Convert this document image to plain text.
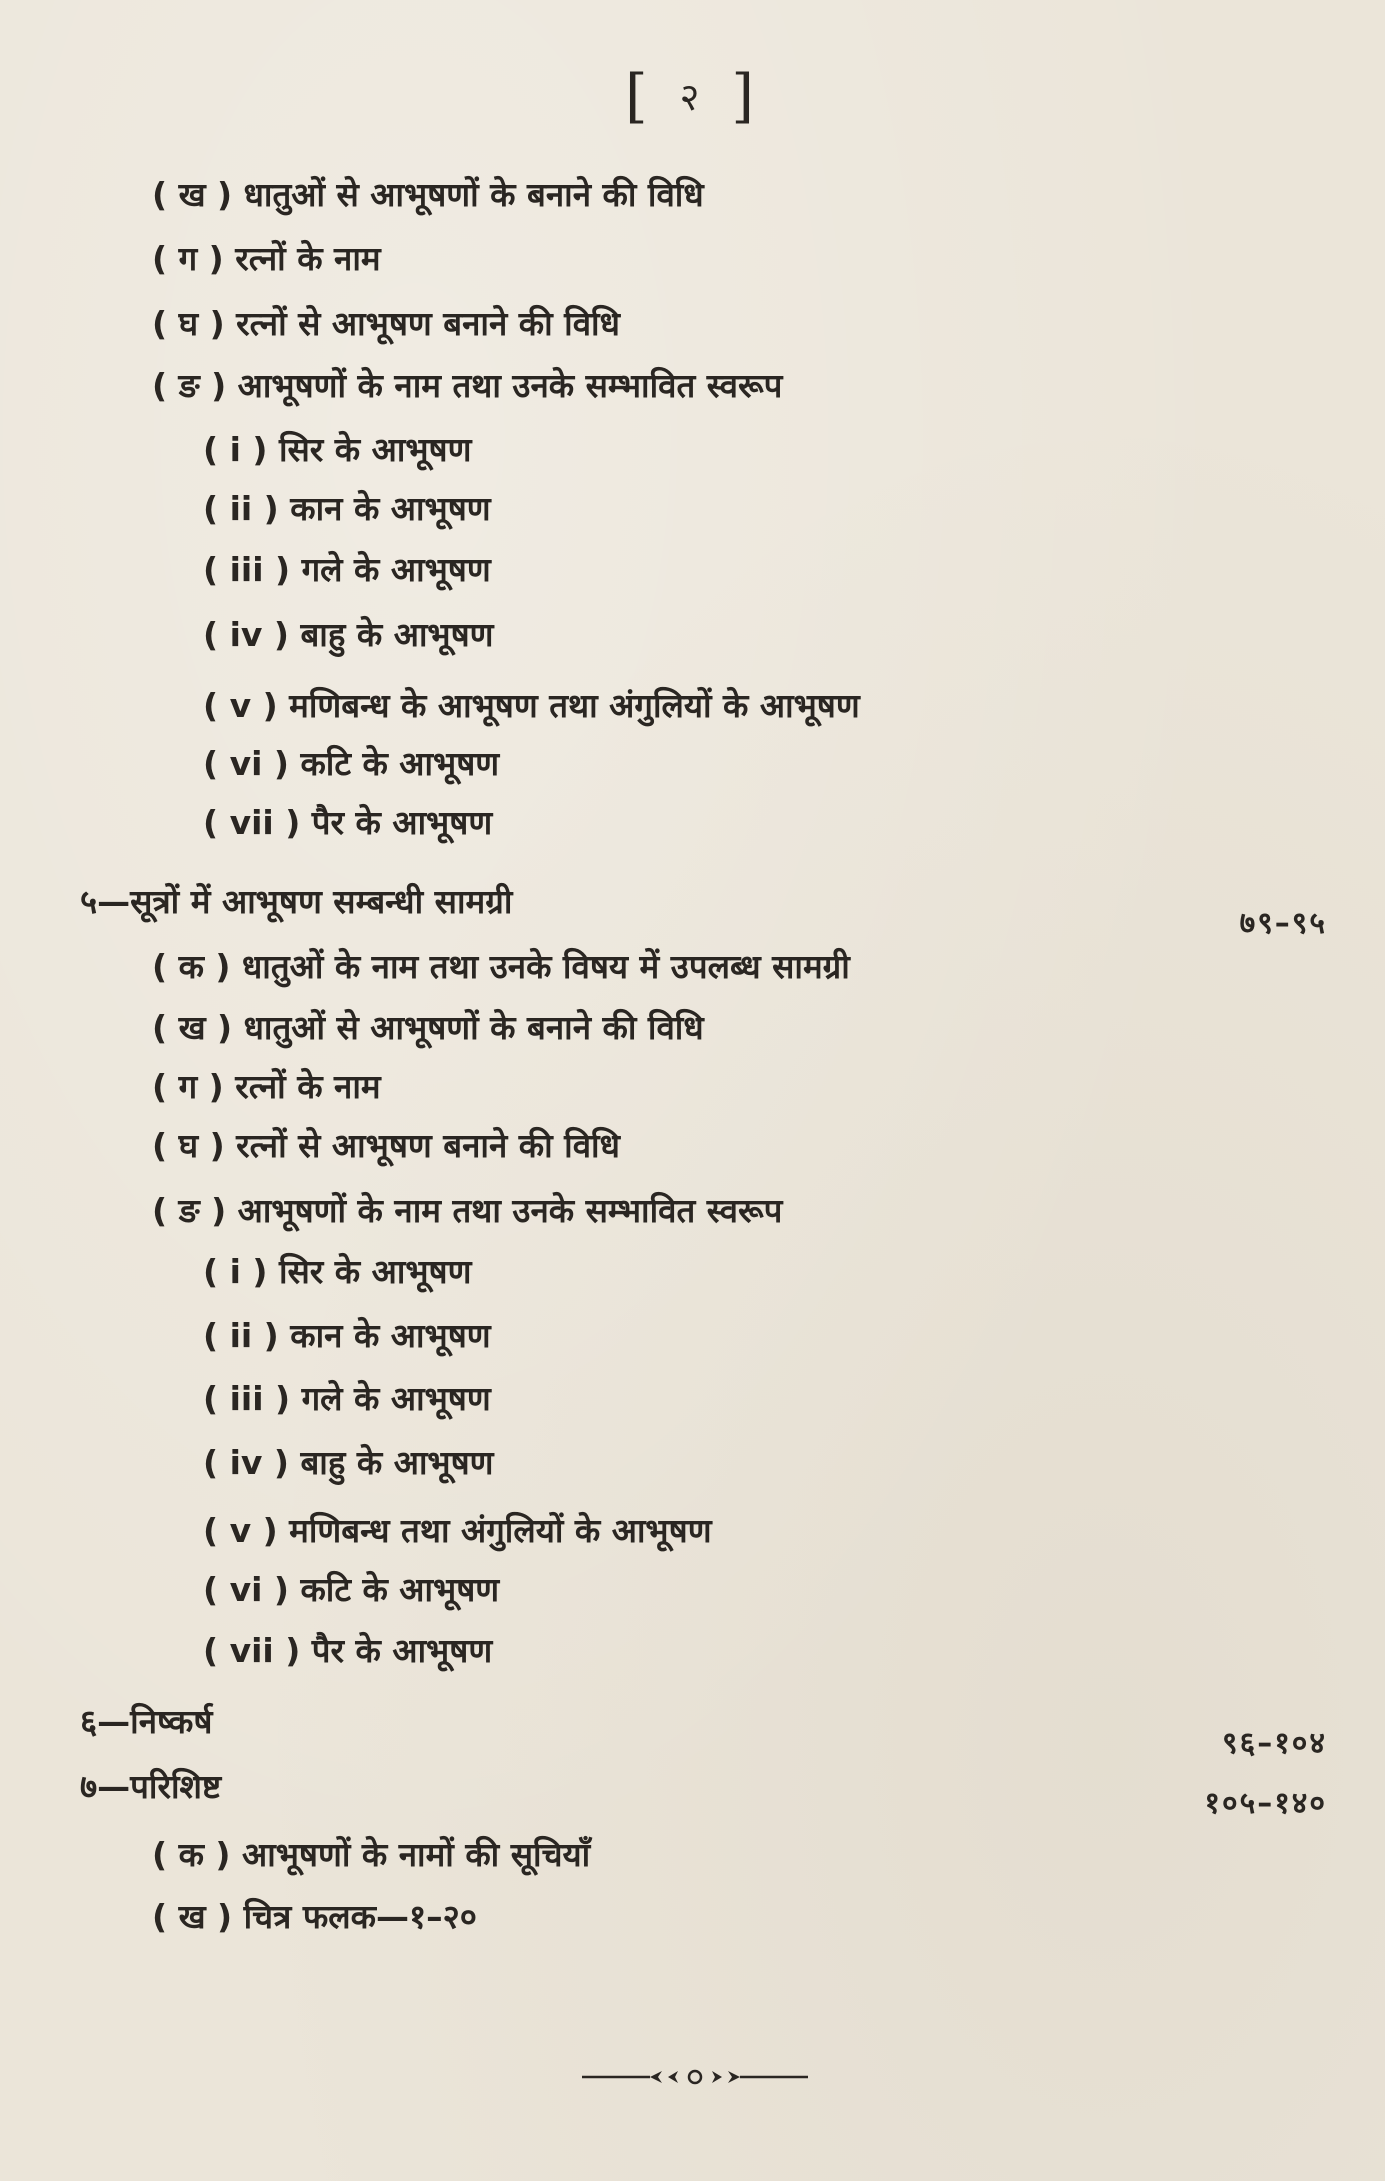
[ २ ]
( ख ) धातुओं से आभूषणों के बनाने की विधि
( ग ) रत्नों के नाम
( घ ) रत्नों से आभूषण बनाने की विधि
( ङ ) आभूषणों के नाम तथा उनके सम्भावित स्वरूप
( i ) सिर के आभूषण
( ii ) कान के आभूषण
( iii ) गले के आभूषण
( iv ) बाहु के आभूषण
( v ) मणिबन्ध के आभूषण तथा अंगुलियों के आभूषण
( vi ) कटि के आभूषण
( vii ) पैर के आभूषण
५—सूत्रों में आभूषण सम्बन्धी सामग्री
७९–९५
( क ) धातुओं के नाम तथा उनके विषय में उपलब्ध सामग्री
( ख ) धातुओं से आभूषणों के बनाने की विधि
( ग ) रत्नों के नाम
( घ ) रत्नों से आभूषण बनाने की विधि
( ङ ) आभूषणों के नाम तथा उनके सम्भावित स्वरूप
( i ) सिर के आभूषण
( ii ) कान के आभूषण
( iii ) गले के आभूषण
( iv ) बाहु के आभूषण
( v ) मणिबन्ध तथा अंगुलियों के आभूषण
( vi ) कटि के आभूषण
( vii ) पैर के आभूषण
६—निष्कर्ष
९६–१०४
७—परिशिष्ट	१०५–१४०
( क ) आभूषणों के नामों की सूचियाँ
( ख ) चित्र फलक—१–२०
